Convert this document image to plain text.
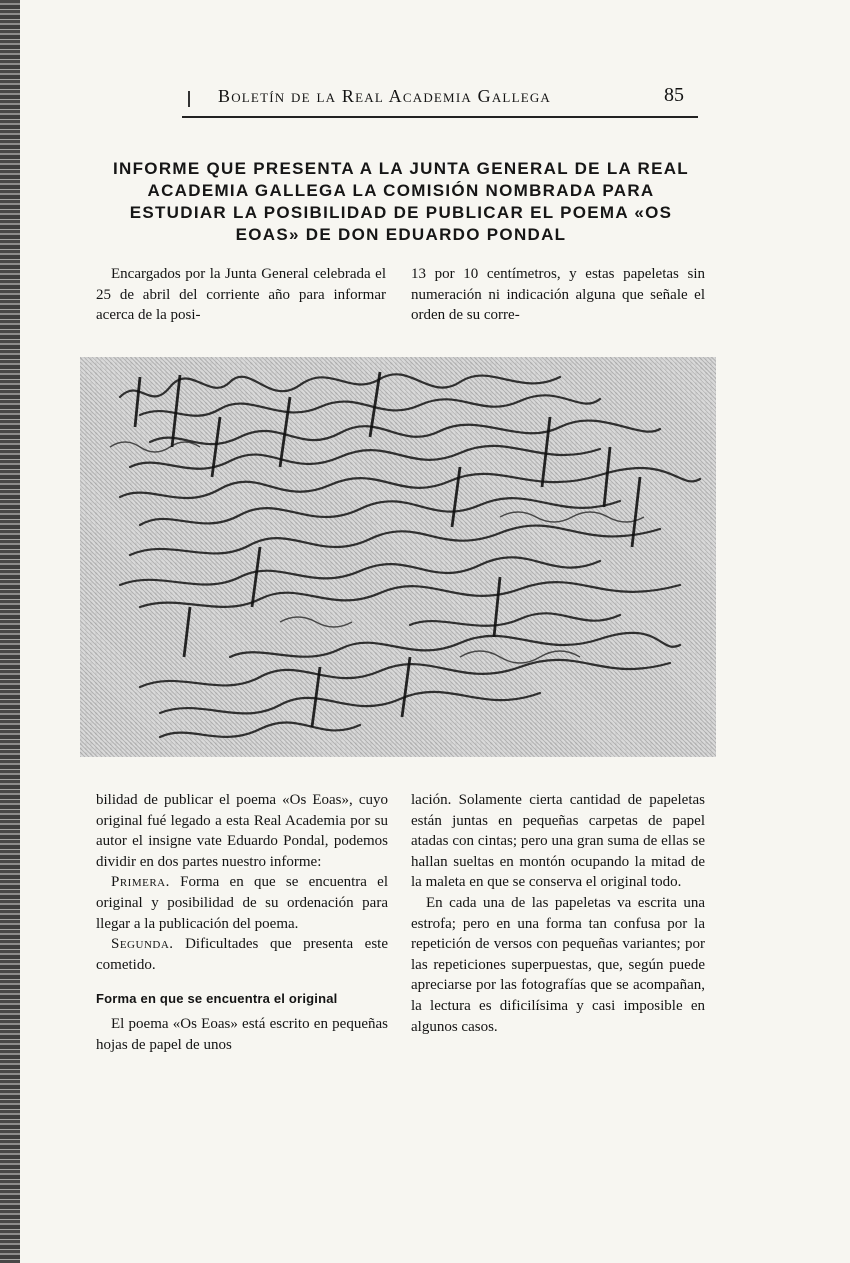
Boletín de la Real Academia Gallega	85
INFORME QUE PRESENTA A LA JUNTA GENERAL DE LA REAL ACADEMIA GALLEGA LA COMISIÓN NOMBRADA PARA ESTUDIAR LA POSIBILIDAD DE PUBLICAR EL POEMA «OS EOAS» DE DON EDUARDO PONDAL

Encargados por la Junta General celebrada el 25 de abril del corriente año para informar acerca de la posi-

13 por 10 centímetros, y estas papeletas sin numeración ni indicación alguna que señale el orden de su corre-

bilidad de publicar el poema «Os Eoas», cuyo original fué legado a esta Real Academia por su autor el insigne vate Eduardo Pondal, podemos dividir en dos partes nuestro informe:

Primera. Forma en que se encuentra el original y posibilidad de su ordenación para llegar a la publicación del poema.

Segunda. Dificultades que presenta este cometido.

Forma en que se encuentra el original

El poema «Os Eoas» está escrito en pequeñas hojas de papel de unos

lación. Solamente cierta cantidad de papeletas están juntas en pequeñas carpetas de papel atadas con cintas; pero una gran suma de ellas se hallan sueltas en montón ocupando la mitad de la maleta en que se conserva el original todo.

En cada una de las papeletas va escrita una estrofa; pero en una forma tan confusa por la repetición de versos con pequeñas variantes; por las repeticiones superpuestas, que, según puede apreciarse por las fotografías que se acompañan, la lectura es dificilísima y casi imposible en algunos casos.
